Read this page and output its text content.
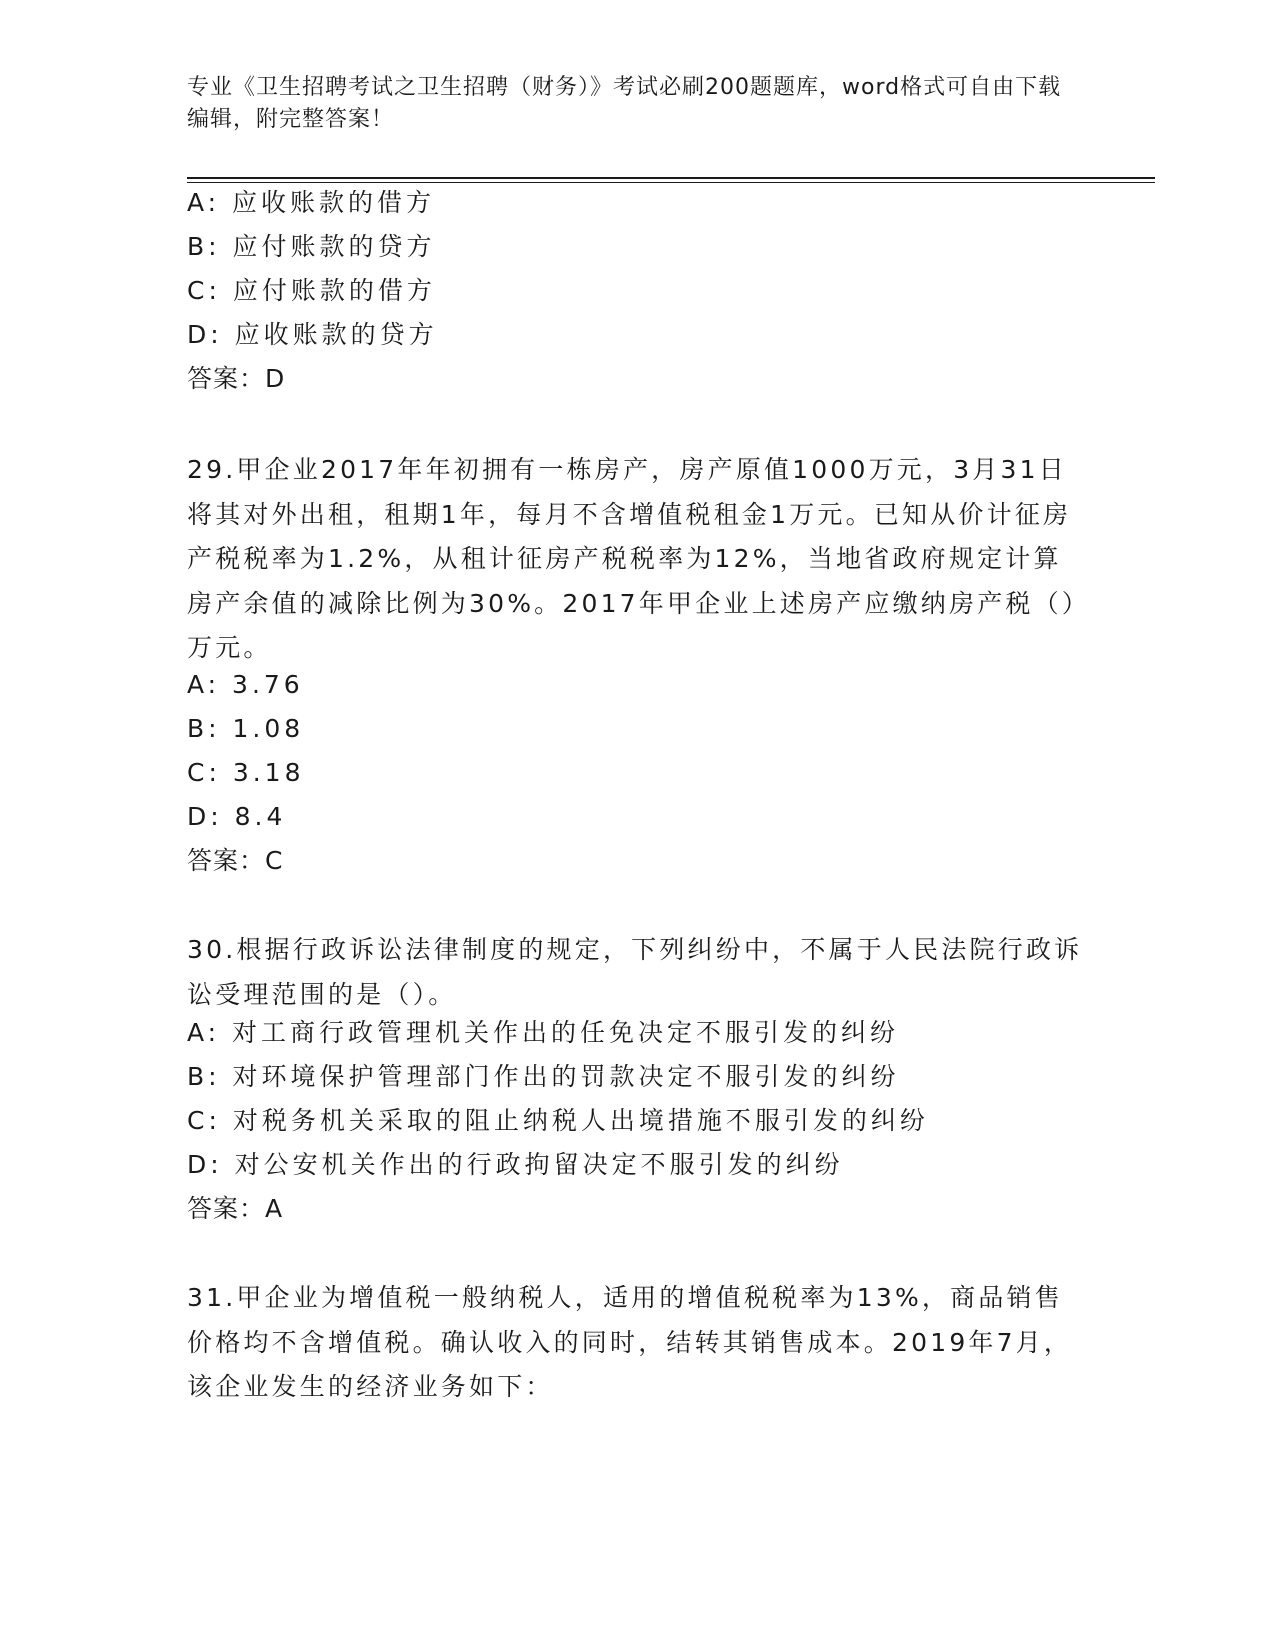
专业《卫生招聘考试之卫生招聘（财务）》考试必刷200题题库，word格式可自由下载编辑，附完整答案！
A: 应收账款的借方
B: 应付账款的贷方
C: 应付账款的借方
D: 应收账款的贷方
答案：D
29.甲企业2017年年初拥有一栋房产，房产原值1000万元，3月31日将其对外出租，租期1年，每月不含增值税租金1万元。已知从价计征房产税税率为1.2%，从租计征房产税税率为12%，当地省政府规定计算房产余值的减除比例为30%。2017年甲企业上述房产应缴纳房产税（）万元。
A: 3.76
B: 1.08
C: 3.18
D: 8.4
答案：C
30.根据行政诉讼法律制度的规定，下列纠纷中，不属于人民法院行政诉讼受理范围的是（）。
A: 对工商行政管理机关作出的任免决定不服引发的纠纷
B: 对环境保护管理部门作出的罚款决定不服引发的纠纷
C: 对税务机关采取的阻止纳税人出境措施不服引发的纠纷
D: 对公安机关作出的行政拘留决定不服引发的纠纷
答案：A
31.甲企业为增值税一般纳税人，适用的增值税税率为13%，商品销售价格均不含增值税。确认收入的同时，结转其销售成本。2019年7月，该企业发生的经济业务如下：
